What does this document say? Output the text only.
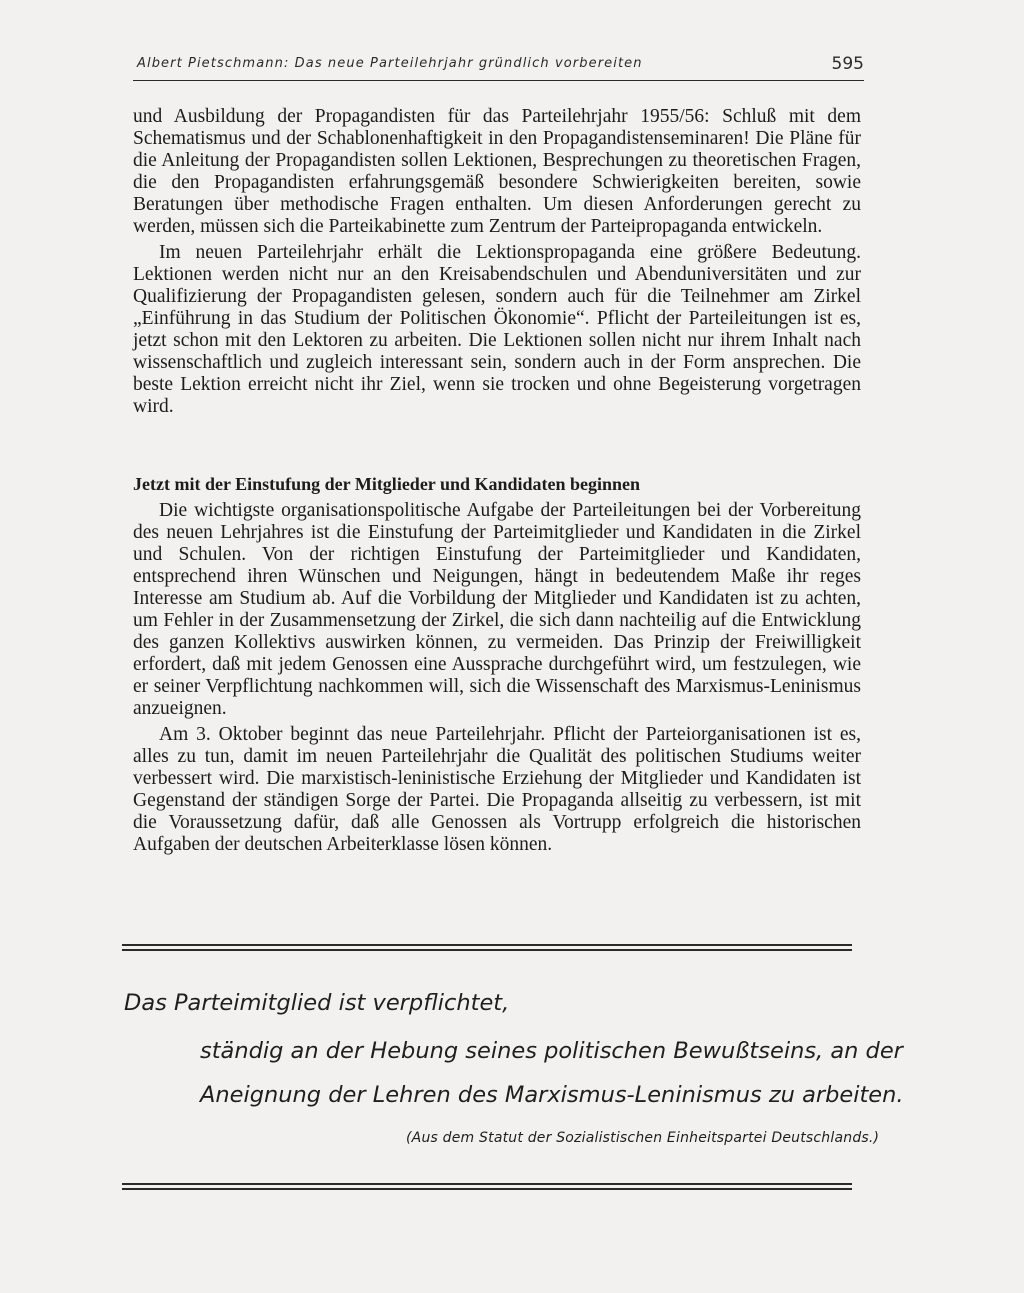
Albert Pietschmann: Das neue Parteilehrjahr gründlich vorbereiten	595

und Ausbildung der Propagandisten für das Parteilehrjahr 1955/56: Schluß mit dem Schematismus und der Schablonenhaftigkeit in den Propagandistenseminaren! Die Pläne für die Anleitung der Propagandisten sollen Lektionen, Besprechungen zu theoretischen Fragen, die den Propagandisten erfahrungsgemäß besondere Schwierigkeiten bereiten, sowie Beratungen über methodische Fragen enthalten. Um diesen Anforderungen gerecht zu werden, müssen sich die Parteikabinette zum Zentrum der Parteipropaganda entwickeln.

Im neuen Parteilehrjahr erhält die Lektionspropaganda eine größere Bedeutung. Lektionen werden nicht nur an den Kreisabendschulen und Abenduniversitäten und zur Qualifizierung der Propagandisten gelesen, sondern auch für die Teilnehmer am Zirkel „Einführung in das Studium der Politischen Ökonomie“. Pflicht der Parteileitungen ist es, jetzt schon mit den Lektoren zu arbeiten. Die Lektionen sollen nicht nur ihrem Inhalt nach wissenschaftlich und zugleich interessant sein, sondern auch in der Form ansprechen. Die beste Lektion erreicht nicht ihr Ziel, wenn sie trocken und ohne Begeisterung vorgetragen wird.

Jetzt mit der Einstufung der Mitglieder und Kandidaten beginnen

Die wichtigste organisationspolitische Aufgabe der Parteileitungen bei der Vorbereitung des neuen Lehrjahres ist die Einstufung der Parteimitglieder und Kandidaten in die Zirkel und Schulen. Von der richtigen Einstufung der Parteimitglieder und Kandidaten, entsprechend ihren Wünschen und Neigungen, hängt in bedeutendem Maße ihr reges Interesse am Studium ab. Auf die Vorbildung der Mitglieder und Kandidaten ist zu achten, um Fehler in der Zusammensetzung der Zirkel, die sich dann nachteilig auf die Entwicklung des ganzen Kollektivs auswirken können, zu vermeiden. Das Prinzip der Freiwilligkeit erfordert, daß mit jedem Genossen eine Aussprache durchgeführt wird, um festzulegen, wie er seiner Verpflichtung nachkommen will, sich die Wissenschaft des Marxismus-Leninismus anzueignen.

Am 3. Oktober beginnt das neue Parteilehrjahr. Pflicht der Parteiorganisationen ist es, alles zu tun, damit im neuen Parteilehrjahr die Qualität des politischen Studiums weiter verbessert wird. Die marxistisch-leninistische Erziehung der Mitglieder und Kandidaten ist Gegenstand der ständigen Sorge der Partei. Die Propaganda allseitig zu verbessern, ist mit die Voraussetzung dafür, daß alle Genossen als Vortrupp erfolgreich die historischen Aufgaben der deutschen Arbeiterklasse lösen können.

Das Parteimitglied ist verpflichtet,
ständig an der Hebung seines politischen Bewußtseins, an der
Aneignung der Lehren des Marxismus-Leninismus zu arbeiten.
(Aus dem Statut der Sozialistischen Einheitspartei Deutschlands.)
